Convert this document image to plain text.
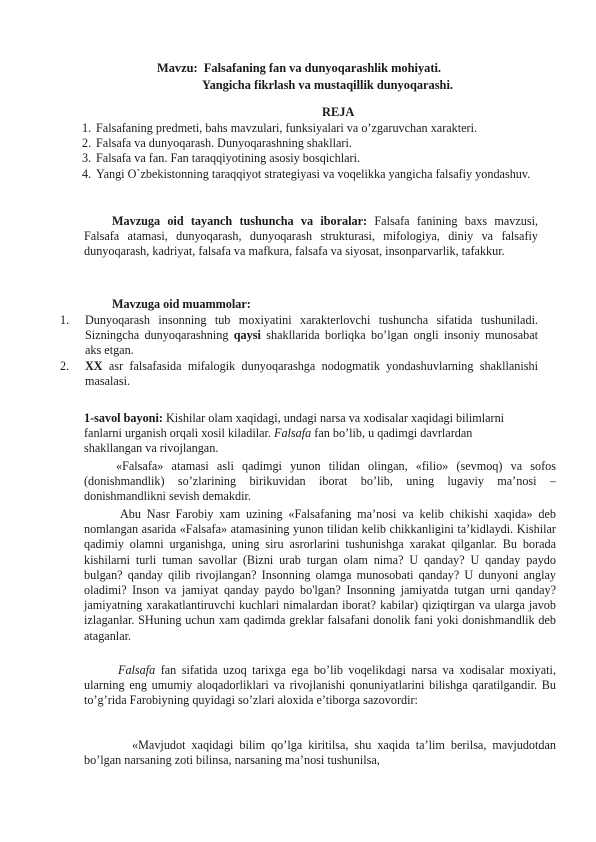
Mavzu: Falsafaning fan va dunyoqarashlik mohiyati.
Yangicha fikrlash va mustaqillik dunyoqarashi.
REJA
1. Falsafaning predmeti, bahs mavzulari, funksiyalari va o’zgaruvchan xarakteri.
2. Falsafa va dunyoqarash. Dunyoqarashning shakllari.
3. Falsafa va fan. Fan taraqqiyotining asosiy bosqichlari.
4. Yangi O`zbekistonning taraqqiyot strategiyasi va voqelikka yangicha falsafiy yondashuv.
Mavzuga oid tayanch tushuncha va iboralar: Falsafa fanining baxs mavzusi, Falsafa atamasi, dunyoqarash, dunyoqarash strukturasi, mifologiya, diniy va falsafiy dunyoqarash, kadriyat, falsafa va mafkura, falsafa va siyosat, insonparvarlik, tafakkur.
Mavzuga oid muammolar:
1. Dunyoqarash insonning tub moxiyatini xarakterlovchi tushuncha sifatida tushuniladi. Sizningcha dunyoqarashning qaysi shakllarida borliqka bo’lgan ongli insoniy munosabat aks etgan.
2. XX asr falsafasida mifalogik dunyoqarashga nodogmatik yondashuvlarning shakllanishi masalasi.
1-savol bayoni: Kishilar olam xaqidagi, undagi narsa va xodisalar xaqidagi bilimlarni fanlarni urganish orqali xosil kiladilar. Falsafa fan bo’lib, u qadimgi davrlardan shakllangan va rivojlangan.
«Falsafa» atamasi asli qadimgi yunon tilidan olingan, «filio» (sevmoq) va sofos (donishmandlik) so’zlarining birikuvidan iborat bo’lib, uning lugaviy ma’nosi – donishmandlikni sevish demakdir.
Abu Nasr Farobiy xam uzining «Falsafaning ma’nosi va kelib chikishi xaqida» deb nomlangan asarida «Falsafa» atamasining yunon tilidan kelib chikkanligini ta’kidlaydi. Kishilar qadimiy olamni urganishga, uning siru asrorlarini tushunishga xarakat qilganlar. Bu borada kishilarni turli tuman savollar (Bizni urab turgan olam nima? U qanday? U qanday paydo bulgan? qanday qilib rivojlangan? Insonning olamga munosobati qanday? U dunyoni anglay oladimi? Inson va jamiyat qanday paydo bo'lgan? Insonning jamiyatda tutgan urni qanday? jamiyatning xarakatlantiruvchi kuchlari nimalardan iborat? kabilar) qiziqtirgan va ularga javob izlaganlar. SHuning uchun xam qadimda greklar falsafani donolik fani yoki donishmandlik deb ataganlar.
Falsafa fan sifatida uzoq tarixga ega bo’lib voqelikdagi narsa va xodisalar moxiyati, ularning eng umumiy aloqadorliklari va rivojlanishi qonuniyatlarini bilishga qaratilgandir. Bu to’g’rida Farobiyning quyidagi so’zlari aloxida e’tiborga sazovordir:
«Mavjudot xaqidagi bilim qo’lga kiritilsa, shu xaqida ta’lim berilsa, mavjudotdan bo’lgan narsaning zoti bilinsa, narsaning ma’nosi tushunilsa,
